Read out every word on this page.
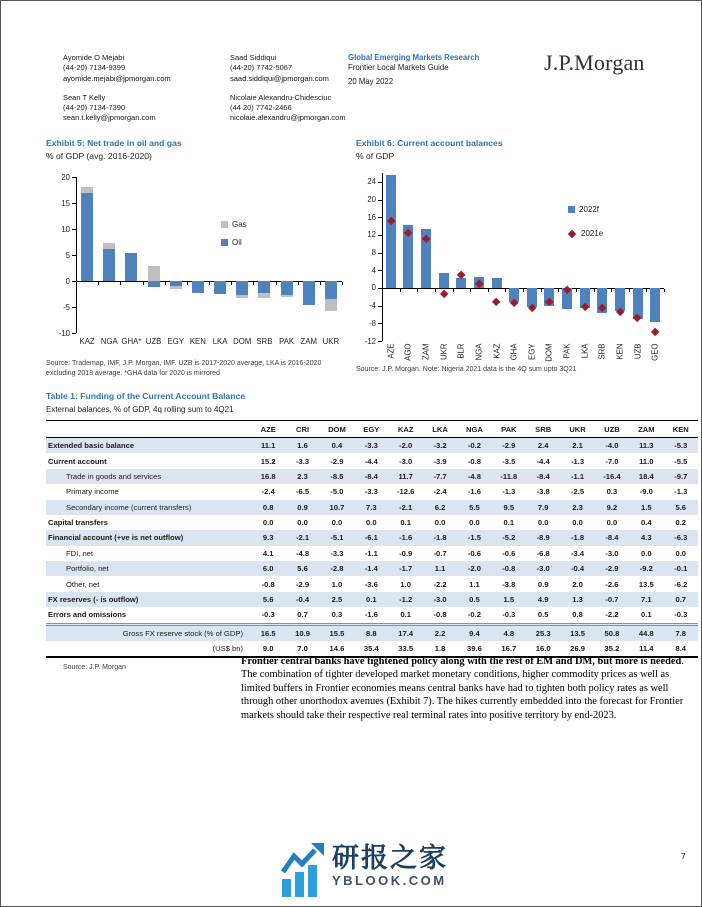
Ayomide O Mejabi
(44-20) 7134-9399
ayomide.mejabi@jpmorgan.com
Saad Siddiqui
(44-20) 7742-5067
saad.siddiqui@jpmorgan.com
Sean T Kelly
(44-20) 7134-7390
sean.t.kelly@jpmorgan.com
Nicolaie Alexandru-Chidesciuc
(44 20) 7742-2466
nicolaie.alexandru@jpmorgan.com
Global Emerging Markets Research
Frontier Local Markets Guide
20 May 2022
J.P.Morgan
Exhibit 5: Net trade in oil and gas
% of GDP (avg. 2016-2020)
Gas
Oil
20
15
10
5
0
-5
-10
KAZ NGA GHA* UZB EGY KEN LKA DOM SRB PAK ZAM UKR
Source: Trademap, IMF, J.P. Morgan, IMF. UZB is 2017-2020 average, LKA is 2016-2020 excluding 2018 average. *GHA data for 2020 is mirrored
Exhibit 6: Current account balances
% of GDP
2022f
2021e
24
20
16
12
8
4
0
-4
-8
-12
AZE AGO ZAM UKR BLR NGA KAZ GHA EGY DOM PAK LKA SRB KEN UZB GEO
Source: J.P. Morgan. Note: Nigeria 2021 data is the 4Q sum upto 3Q21
Table 1: Funding of the Current Account Balance
External balances, % of GDP, 4q rolling sum to 4Q21
	AZE	CRI	DOM	EGY	KAZ	LKA	NGA	PAK	SRB	UKR	UZB	ZAM	KEN
Extended basic balance	11.1	1.6	0.4	-3.3	-2.0	-3.2	-0.2	-2.9	2.4	2.1	-4.0	11.3	-5.3
Current account	15.2	-3.3	-2.9	-4.4	-3.0	-3.9	-0.8	-3.5	-4.4	-1.3	-7.0	11.0	-5.5
Trade in goods and services	16.8	2.3	-8.5	-8.4	11.7	-7.7	-4.8	-11.8	-8.4	-1.1	-16.4	18.4	-9.7
Primary income	-2.4	-6.5	-5.0	-3.3	-12.6	-2.4	-1.6	-1.3	-3.8	-2.5	0.3	-9.0	-1.3
Secondary income (current transfers)	0.8	0.9	10.7	7.3	-2.1	6.2	5.5	9.5	7.9	2.3	9.2	1.5	5.6
Capital transfers	0.0	0.0	0.0	0.0	0.1	0.0	0.0	0.1	0.0	0.0	0.0	0.4	0.2
Financial account (+ve is net outflow)	9.3	-2.1	-5.1	-6.1	-1.6	-1.8	-1.5	-5.2	-8.9	-1.8	-8.4	4.3	-6.3
FDI, net	4.1	-4.8	-3.3	-1.1	-0.9	-0.7	-0.6	-0.6	-6.8	-3.4	-3.0	0.0	0.0
Portfolio, net	6.0	5.6	-2.8	-1.4	-1.7	1.1	-2.0	-0.8	-3.0	-0.4	-2.9	-9.2	-0.1
Other, net	-0.8	-2.9	1.0	-3.6	1.0	-2.2	1.1	-3.8	0.9	2.0	-2.6	13.5	-6.2
FX reserves (- is outflow)	5.6	-0.4	2.5	0.1	-1.2	-3.0	0.5	1.5	4.9	1.3	-0.7	7.1	0.7
Errors and omissions	-0.3	0.7	0.3	-1.6	0.1	-0.8	-0.2	-0.3	0.5	0.8	-2.2	0.1	-0.3
Gross FX reserve stock (% of GDP)	16.5	10.9	15.5	8.8	17.4	2.2	9.4	4.8	25.3	13.5	50.8	44.8	7.8
(US$ bn)	9.0	7.0	14.6	35.4	33.5	1.8	39.6	16.7	16.0	26.9	35.2	11.4	8.4
Source: J.P. Morgan
Frontier central banks have tightened policy along with the rest of EM and DM, but more is needed. The combination of tighter developed market monetary conditions, higher commodity prices as well as limited buffers in Frontier economies means central banks have had to tighten both policy rates as well through other unorthodox avenues (Exhibit 7). The hikes currently embedded into the forecast for Frontier markets should take their respective real terminal rates into positive territory by end-2023.
研报之家
YBLOOK.COM
7
